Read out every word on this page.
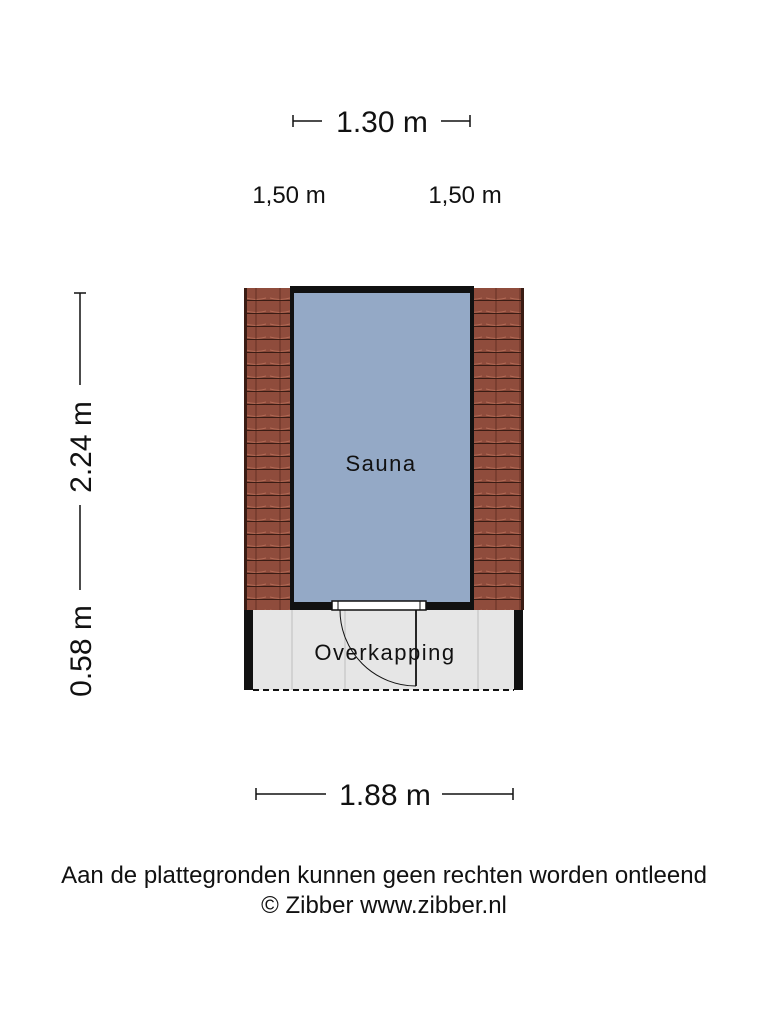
1.30 m
1,50 m	1,50 m
2.24 m
0.58 m
Sauna
Overkapping
1.88 m
Aan de plattegronden kunnen geen rechten worden ontleend
© Zibber www.zibber.nl
